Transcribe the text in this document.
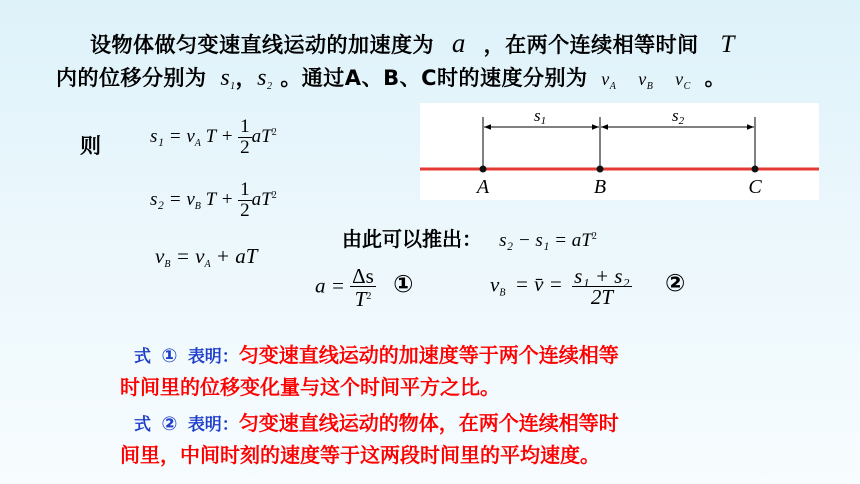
设物体做匀变速直线运动的加速度为 a ，在两个连续相等时间 T
内的位移分别为 $s_1$，$s_2$ 。通过A、B、C时的速度分别为 $v_A$ $v_B$ $v_C$ 。
则	$s_1 = v_A$ $T + \frac{1}{2} aT^2$
$s_2 = v_B$ $T + \frac{1}{2} aT^2$
$v_B = v_A$ + aT
s1	s2
A	B	C
由此可以推出： $s_2 - s_1 = aT^2$
$a = \frac{\Delta s}{T^2}$ ①	$v_B$ = v̄ = $\frac{\text{s₁ + s₂}}{2T}$ ②
式 ① 表明：匀变速直线运动的加速度等于两个连续相等
时间里的位移变化量与这个时间平方之比。
式 ② 表明：匀变速直线运动的物体，在两个连续相等时
间里，中间时刻的速度等于这两段时间里的平均速度。
